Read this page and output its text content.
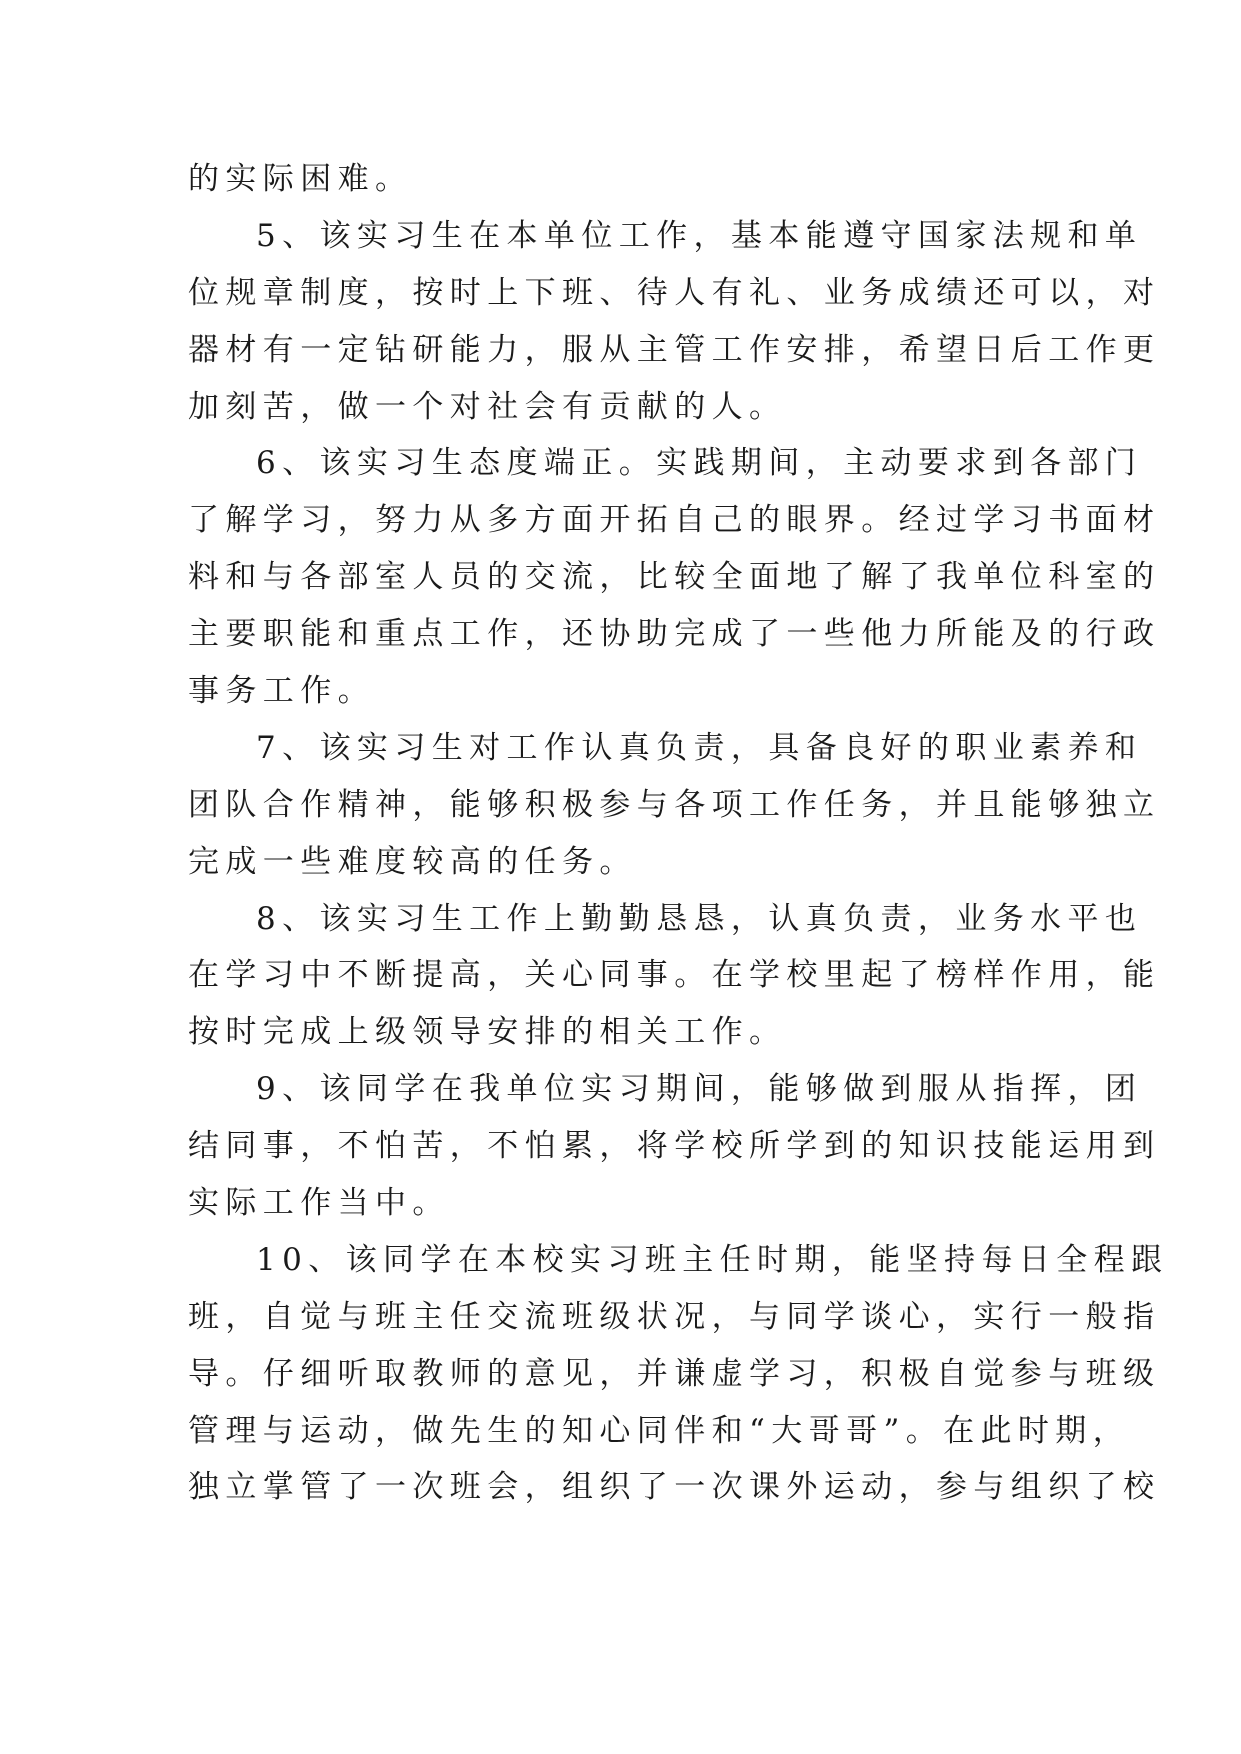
的实际困难。
5、该实习生在本单位工作，基本能遵守国家法规和单
位规章制度，按时上下班、待人有礼、业务成绩还可以，对
器材有一定钻研能力，服从主管工作安排，希望日后工作更
加刻苦，做一个对社会有贡献的人。
6、该实习生态度端正。实践期间，主动要求到各部门
了解学习，努力从多方面开拓自己的眼界。经过学习书面材
料和与各部室人员的交流，比较全面地了解了我单位科室的
主要职能和重点工作，还协助完成了一些他力所能及的行政
事务工作。
7、该实习生对工作认真负责，具备良好的职业素养和
团队合作精神，能够积极参与各项工作任务，并且能够独立
完成一些难度较高的任务。
8、该实习生工作上勤勤恳恳，认真负责，业务水平也
在学习中不断提高，关心同事。在学校里起了榜样作用，能
按时完成上级领导安排的相关工作。
9、该同学在我单位实习期间，能够做到服从指挥，团
结同事，不怕苦，不怕累，将学校所学到的知识技能运用到
实际工作当中。
10、该同学在本校实习班主任时期，能坚持每日全程跟
班，自觉与班主任交流班级状况，与同学谈心，实行一般指
导。仔细听取教师的意见，并谦虚学习，积极自觉参与班级
管理与运动，做先生的知心同伴和“大哥哥”。在此时期，
独立掌管了一次班会，组织了一次课外运动，参与组织了校
